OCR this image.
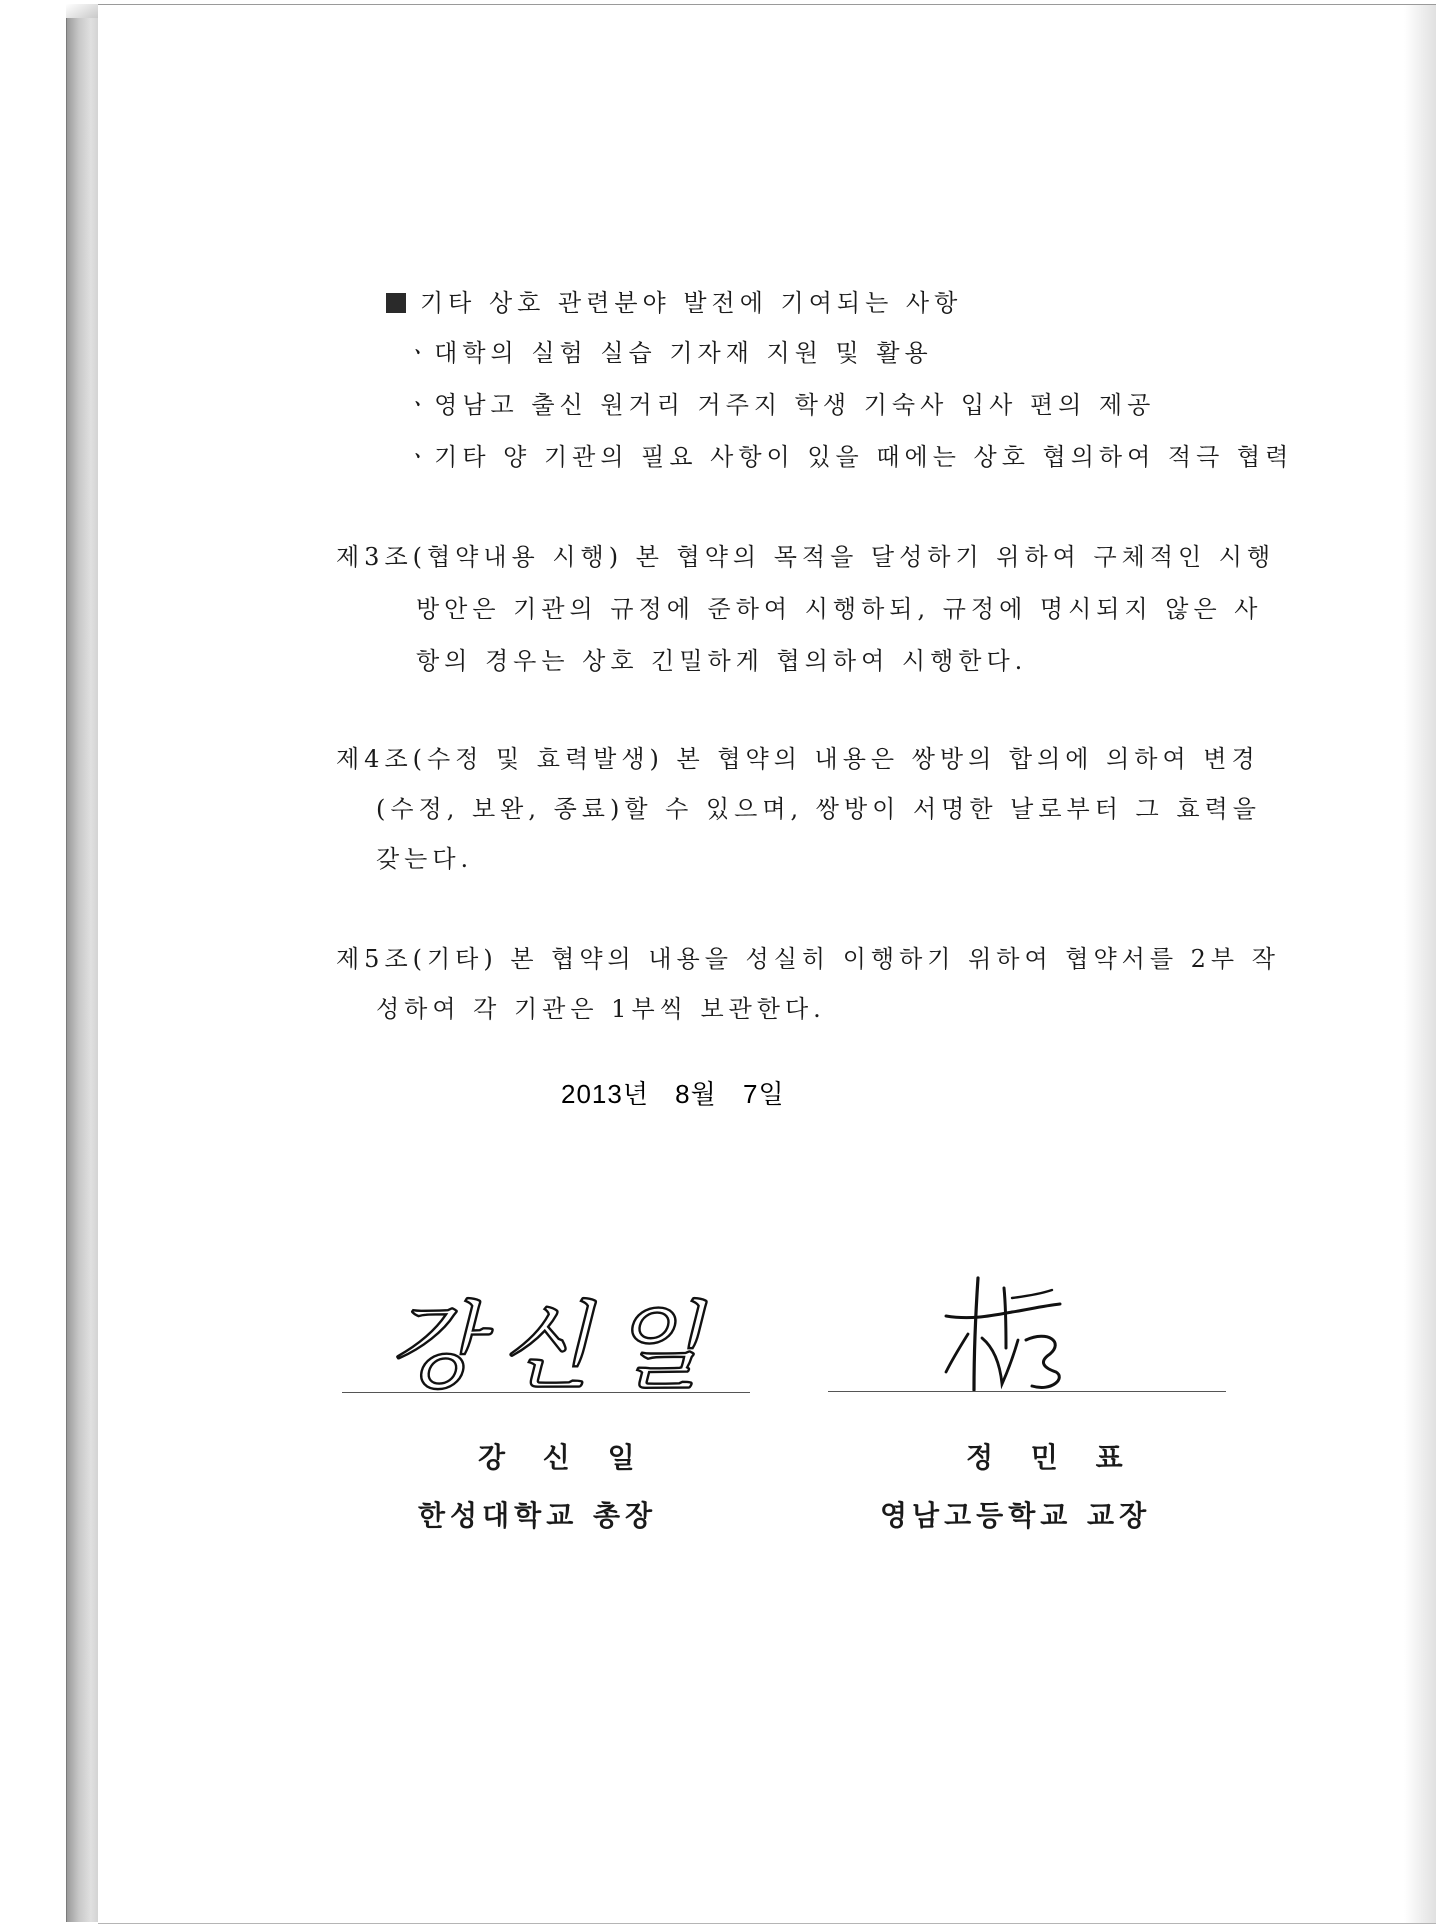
기타 상호 관련분야 발전에 기여되는 사항
ㆍ대학의 실험 실습 기자재 지원 및 활용
ㆍ영남고 출신 원거리 거주지 학생 기숙사 입사 편의 제공
ㆍ기타 양 기관의 필요 사항이 있을 때에는 상호 협의하여 적극 협력
제3조(협약내용 시행) 본 협약의 목적을 달성하기 위하여 구체적인 시행
방안은 기관의 규정에 준하여 시행하되, 규정에 명시되지 않은 사
항의 경우는 상호 긴밀하게 협의하여 시행한다.
제4조(수정 및 효력발생) 본 협약의 내용은 쌍방의 합의에 의하여 변경
(수정, 보완, 종료)할 수 있으며, 쌍방이 서명한 날로부터 그 효력을
갖는다.
제5조(기타) 본 협약의 내용을 성실히 이행하기 위하여 협약서를 2부 작
성하여 각 기관은 1부씩 보관한다.
2013년 8월 7일
강신일
강 신 일	정 민 표
한성대학교 총장	영남고등학교 교장
